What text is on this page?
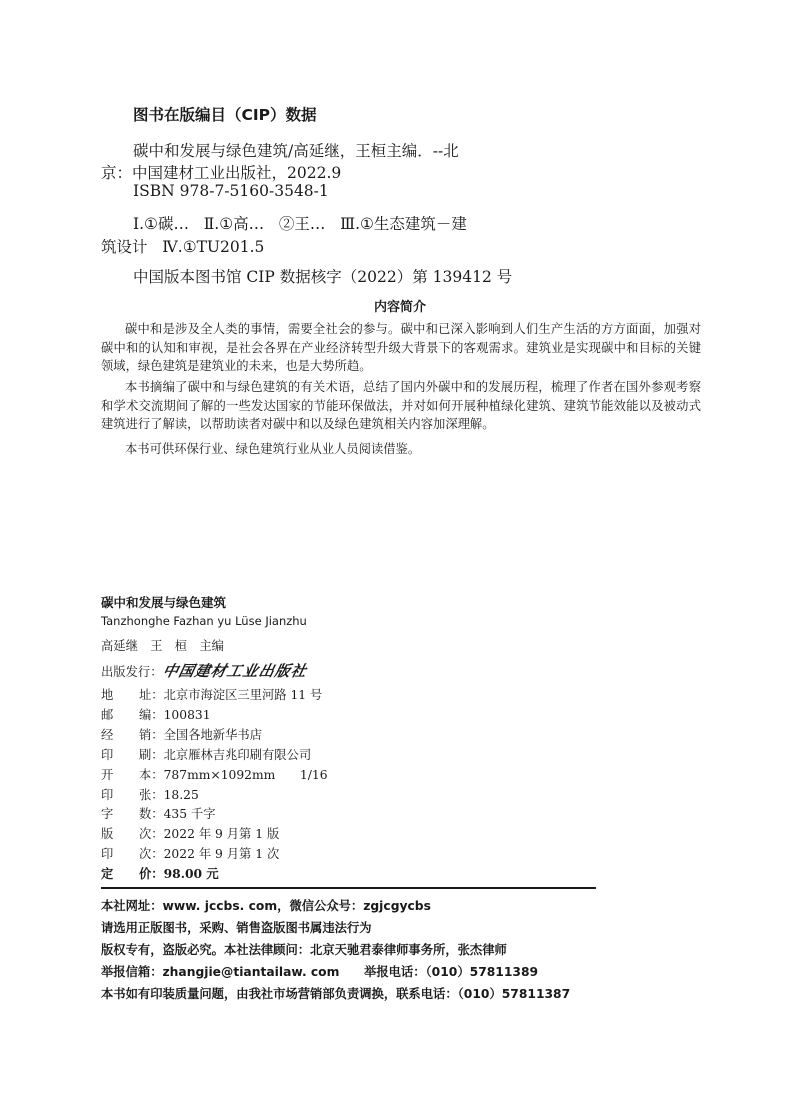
图书在版编目（CIP）数据
碳中和发展与绿色建筑/高延继，王桓主编．--北
京：中国建材工业出版社，2022.9
ISBN 978-7-5160-3548-1
Ⅰ.①碳…   Ⅱ.①高…   ②王…   Ⅲ.①生态建筑－建
筑设计   Ⅳ.①TU201.5
中国版本图书馆 CIP 数据核字（2022）第 139412 号
内容简介
碳中和是涉及全人类的事情，需要全社会的参与。碳中和已深入影响到人们生产生活的方方面面，加强对碳中和的认知和审视，是社会各界在产业经济转型升级大背景下的客观需求。建筑业是实现碳中和目标的关键领域，绿色建筑是建筑业的未来，也是大势所趋。
本书摘编了碳中和与绿色建筑的有关术语，总结了国内外碳中和的发展历程，梳理了作者在国外参观考察和学术交流期间了解的一些发达国家的节能环保做法，并对如何开展种植绿化建筑、建筑节能效能以及被动式建筑进行了解读，以帮助读者对碳中和以及绿色建筑相关内容加深理解。
本书可供环保行业、绿色建筑行业从业人员阅读借鉴。
碳中和发展与绿色建筑
Tanzhonghe Fazhan yu Lüse Jianzhu
高延继　王　桓　主编
出版发行：中国建材工业出版社
地 址：北京市海淀区三里河路 11 号
邮 编：100831
经 销：全国各地新华书店
印 刷：北京雁林吉兆印刷有限公司
开 本：787mm×1092mm　　1/16
印 张：18.25
字 数：435 千字
版 次：2022 年 9 月第 1 版
印 次：2022 年 9 月第 1 次
定 价：98.00 元
本社网址：www. jccbs. com，微信公众号：zgjcgycbs
请选用正版图书，采购、销售盗版图书属违法行为
版权专有，盗版必究。本社法律顾问：北京天驰君泰律师事务所，张杰律师
举报信箱：zhangjie@tiantailaw. com　　举报电话：（010）57811389
本书如有印装质量问题，由我社市场营销部负责调换，联系电话：（010）57811387
